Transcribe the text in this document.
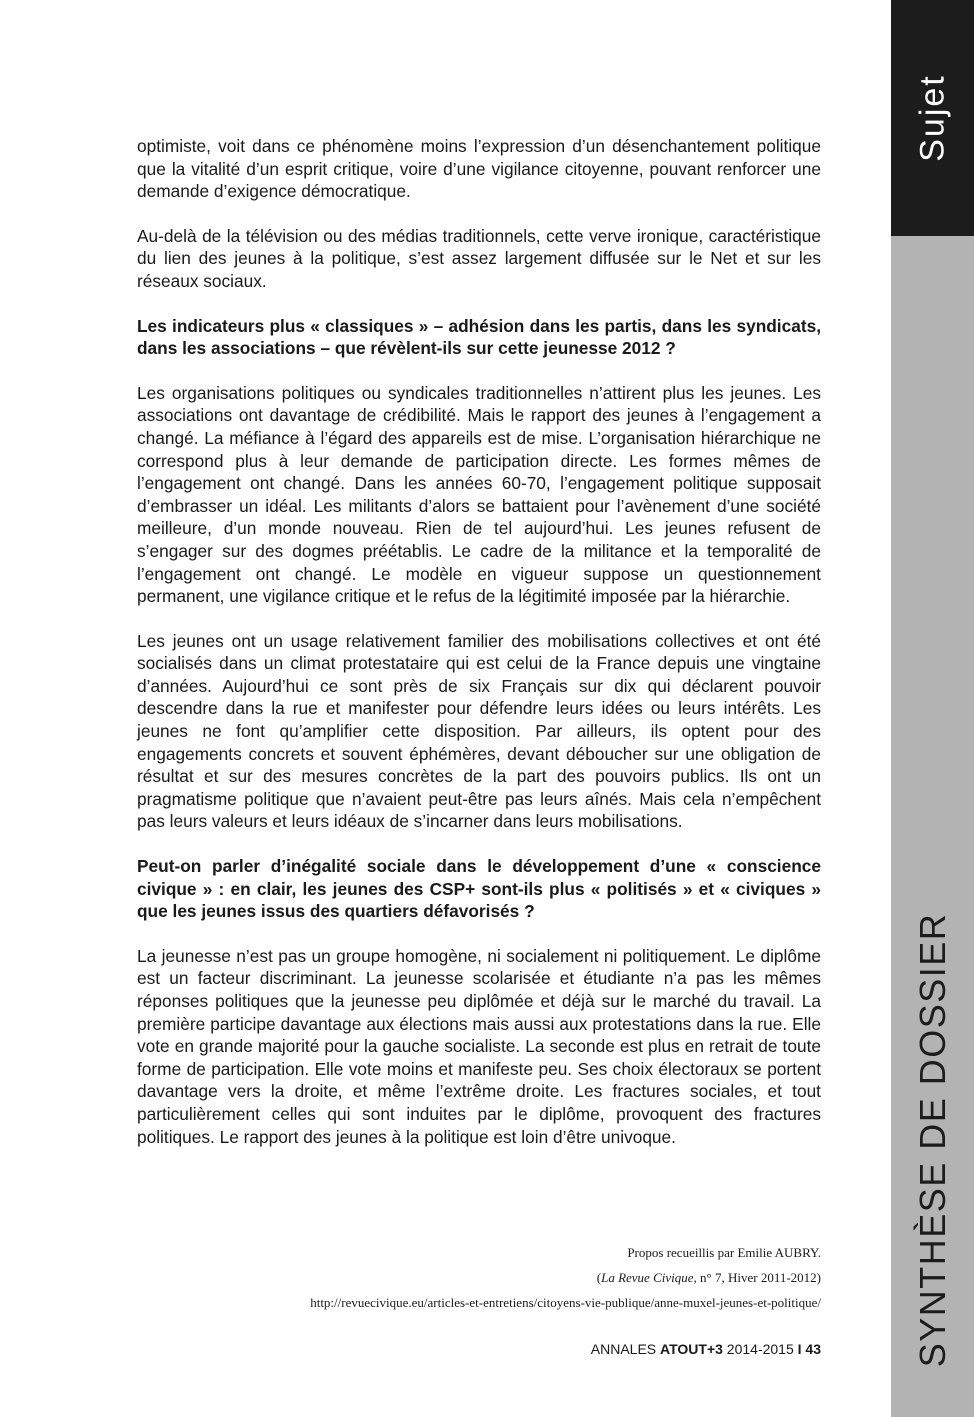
Sujet
SYNTHÈSE DE DOSSIER

optimiste, voit dans ce phénomène moins l’expression d’un désenchantement politique que la vitalité d’un esprit critique, voire d’une vigilance citoyenne, pouvant renforcer une demande d’exigence démocratique.

Au-delà de la télévision ou des médias traditionnels, cette verve ironique, caractéristique du lien des jeunes à la politique, s’est assez largement diffusée sur le Net et sur les réseaux sociaux.

Les indicateurs plus « classiques » – adhésion dans les partis, dans les syndicats, dans les associations – que révèlent-ils sur cette jeunesse 2012 ?

Les organisations politiques ou syndicales traditionnelles n’attirent plus les jeunes. Les associations ont davantage de crédibilité. Mais le rapport des jeunes à l’engagement a changé. La méfiance à l’égard des appareils est de mise. L’organisation hiérarchique ne correspond plus à leur demande de participation directe. Les formes mêmes de l’engagement ont changé. Dans les années 60-70, l’engagement politique supposait d’embrasser un idéal. Les militants d’alors se battaient pour l’avènement d’une société meilleure, d’un monde nouveau. Rien de tel aujourd’hui. Les jeunes refusent de s’engager sur des dogmes préétablis. Le cadre de la militance et la temporalité de l’engagement ont changé. Le modèle en vigueur suppose un questionnement permanent, une vigilance critique et le refus de la légitimité imposée par la hiérarchie.

Les jeunes ont un usage relativement familier des mobilisations collectives et ont été socialisés dans un climat protestataire qui est celui de la France depuis une vingtaine d’années. Aujourd’hui ce sont près de six Français sur dix qui déclarent pouvoir descendre dans la rue et manifester pour défendre leurs idées ou leurs intérêts. Les jeunes ne font qu’amplifier cette disposition. Par ailleurs, ils optent pour des engagements concrets et souvent éphémères, devant déboucher sur une obligation de résultat et sur des mesures concrètes de la part des pouvoirs publics. Ils ont un pragmatisme politique que n’avaient peut-être pas leurs aînés. Mais cela n’empêchent pas leurs valeurs et leurs idéaux de s’incarner dans leurs mobilisations.

Peut-on parler d’inégalité sociale dans le développement d’une « conscience civique » : en clair, les jeunes des CSP+ sont-ils plus « politisés » et « civiques » que les jeunes issus des quartiers défavorisés ?

La jeunesse n’est pas un groupe homogène, ni socialement ni politiquement. Le diplôme est un facteur discriminant. La jeunesse scolarisée et étudiante n’a pas les mêmes réponses politiques que la jeunesse peu diplômée et déjà sur le marché du travail. La première participe davantage aux élections mais aussi aux protestations dans la rue. Elle vote en grande majorité pour la gauche socialiste. La seconde est plus en retrait de toute forme de participation. Elle vote moins et manifeste peu. Ses choix électoraux se portent davantage vers la droite, et même l’extrême droite. Les fractures sociales, et tout particulièrement celles qui sont induites par le diplôme, provoquent des fractures politiques. Le rapport des jeunes à la politique est loin d’être univoque.

Propos recueillis par Emilie AUBRY.
(La Revue Civique, n° 7, Hiver 2011-2012)
http://revuecivique.eu/articles-et-entretiens/citoyens-vie-publique/anne-muxel-jeunes-et-politique/
ANNALES ATOUT+3 2014-2015 I 43
